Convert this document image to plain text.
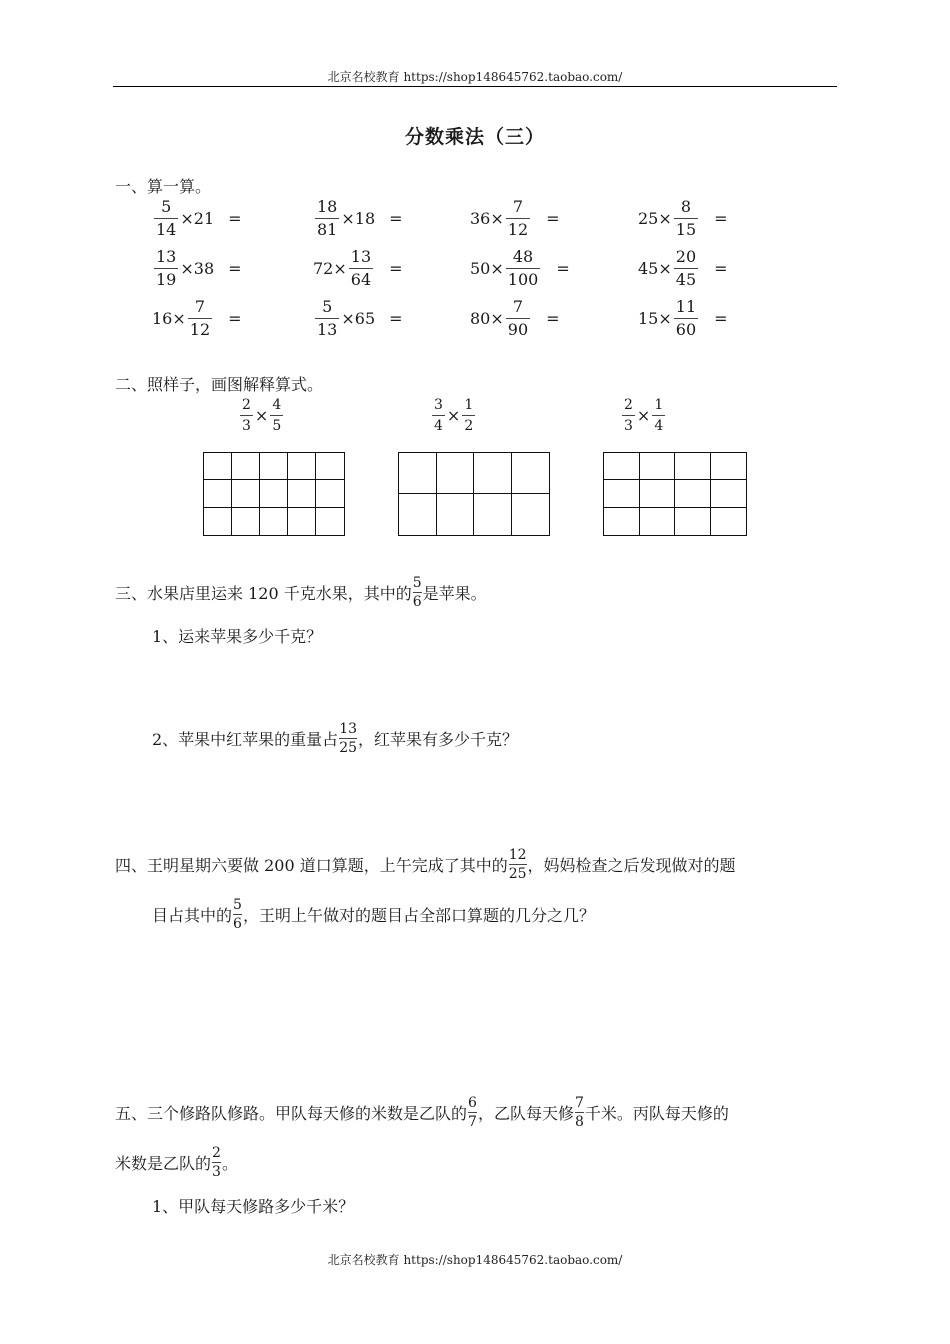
北京名校教育 https://shop148645762.taobao.com/
分数乘法（三）
一、算一算。
$\frac{5}{14} \times 21$ =	$\frac{18}{81} \times 18$ =	$36\times \frac{7}{12}$ =	$25\times \frac{8}{15}$ =
$\frac{13}{19} \times 38$ =	$72\times \frac{13}{64}$ =	$50\times \frac{48}{100}$ =	$45\times \frac{20}{45}$ =
$16\times \frac{7}{12}$ =	$\frac{5}{13} \times 65$ =	$80\times \frac{7}{90}$ =	$15\times \frac{11}{60}$ =
二、照样子，画图解释算式。
$\frac{2}{3} \times \frac{4}{5}$	$\frac{3}{4} \times \frac{1}{2}$	$\frac{2}{3} \times \frac{1}{4}$
三、水果店里运来 120 千克水果，其中的 $\frac{5}{6}$ 是苹果。
1、运来苹果多少千克？
2、苹果中红苹果的重量占 $\frac{13}{25}$ ，红苹果有多少千克？
四、王明星期六要做 200 道口算题，上午完成了其中的 $\frac{12}{25}$ ，妈妈检查之后发现做对的题
目占其中的 $\frac{5}{6}$ ，王明上午做对的题目占全部口算题的几分之几？
五、三个修路队修路。甲队每天修的米数是乙队的 $\frac{6}{7}$ ，乙队每天修 $\frac{7}{8}$ 千米。丙队每天修的
米数是乙队的 $\frac{2}{3}$ 。
1、甲队每天修路多少千米？
北京名校教育 https://shop148645762.taobao.com/
